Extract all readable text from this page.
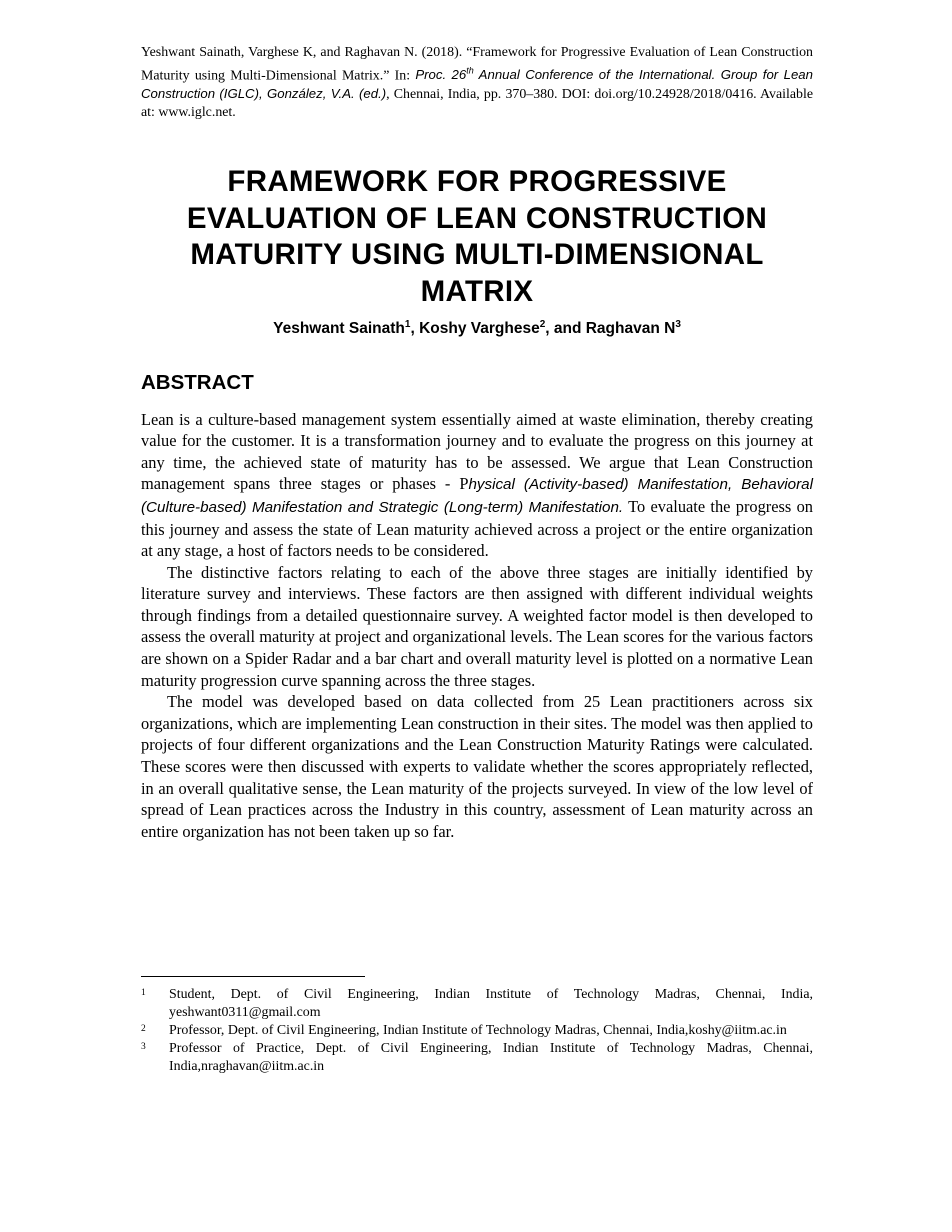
Yeshwant Sainath, Varghese K, and Raghavan N. (2018). “Framework for Progressive Evaluation of Lean Construction Maturity using Multi-Dimensional Matrix.” In: Proc. 26th Annual Conference of the International. Group for Lean Construction (IGLC), González, V.A. (ed.), Chennai, India, pp. 370–380. DOI: doi.org/10.24928/2018/0416. Available at: www.iglc.net.
FRAMEWORK FOR PROGRESSIVE
EVALUATION OF LEAN CONSTRUCTION
MATURITY USING MULTI-DIMENSIONAL
MATRIX
Yeshwant Sainath$^1$, Koshy Varghese$^2$, and Raghavan $N^3$
ABSTRACT

Lean is a culture-based management system essentially aimed at waste elimination, thereby creating value for the customer. It is a transformation journey and to evaluate the progress on this journey at any time, the achieved state of maturity has to be assessed. We argue that Lean Construction management spans three stages or phases - Physical (Activity-based) Manifestation, Behavioral (Culture-based) Manifestation and Strategic (Long-term) Manifestation. To evaluate the progress on this journey and assess the state of Lean maturity achieved across a project or the entire organization at any stage, a host of factors needs to be considered.

The distinctive factors relating to each of the above three stages are initially identified by literature survey and interviews. These factors are then assigned with different individual weights through findings from a detailed questionnaire survey. A weighted factor model is then developed to assess the overall maturity at project and organizational levels. The Lean scores for the various factors are shown on a Spider Radar and a bar chart and overall maturity level is plotted on a normative Lean maturity progression curve spanning across the three stages.

The model was developed based on data collected from 25 Lean practitioners across six organizations, which are implementing Lean construction in their sites. The model was then applied to projects of four different organizations and the Lean Construction Maturity Ratings were calculated. These scores were then discussed with experts to validate whether the scores appropriately reflected, in an overall qualitative sense, the Lean maturity of the projects surveyed. In view of the low level of spread of Lean practices across the Industry in this country, assessment of Lean maturity across an entire organization has not been taken up so far.

1 Student, Dept. of Civil Engineering, Indian Institute of Technology Madras, Chennai, India, yeshwant0311@gmail.com
2 Professor, Dept. of Civil Engineering, Indian Institute of Technology Madras, Chennai, India,koshy@iitm.ac.in
3 Professor of Practice, Dept. of Civil Engineering, Indian Institute of Technology Madras, Chennai, India,nraghavan@iitm.ac.in
